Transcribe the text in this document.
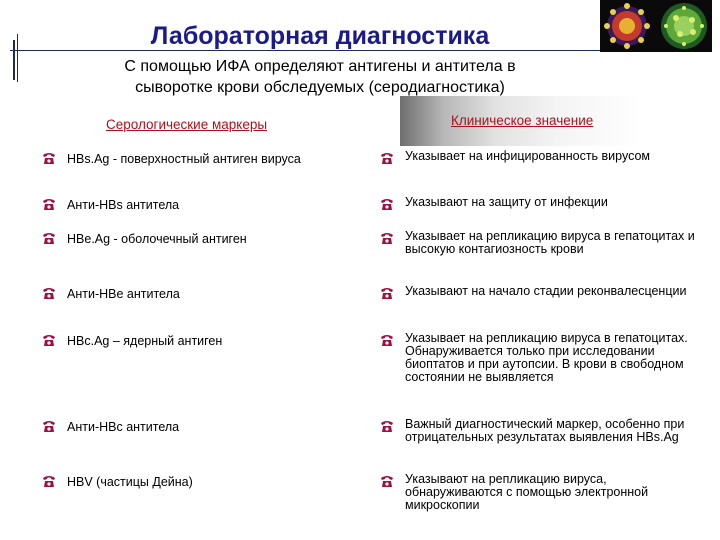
Лабораторная диагностика
С помощью ИФА определяют антигены и антитела в
сыворотке крови обследуемых (серодиагностика)
Серологические маркеры	Клиническое значение
HBs.Ag - поверхностный антиген вируса	Указывает на инфицированность вирусом
Анти-HBs антитела	Указывают на защиту от инфекции
HBe.Ag - оболочечный антиген	Указывает на репликацию вируса в гепатоцитах и высокую контагиозность крови
Анти-HBe антитела	Указывают на начало стадии реконвалесценции
HBc.Ag – ядерный антиген	Указывает на репликацию вируса в гепатоцитах. Обнаруживается только при исследовании биоптатов и при аутопсии. В крови в свободном состоянии не выявляется
Анти-HBc антитела	Важный диагностический маркер, особенно при отрицательных результатах выявления HBs.Ag
HBV (частицы Дейна)	Указывают на репликацию вируса, обнаруживаются с помощью электронной микроскопии
